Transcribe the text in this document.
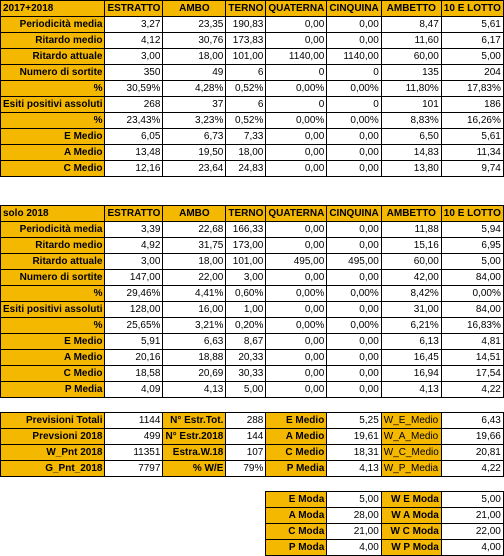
2017+2018	ESTRATTO	AMBO	TERNO	QUATERNA	CINQUINA	AMBETTO	10 E LOTTO
Periodicità media	3,27	23,35	190,83	0,00	0,00	8,47	5,61
Ritardo medio	4,12	30,76	173,83	0,00	0,00	11,60	6,17
Ritardo attuale	3,00	18,00	101,00	1140,00	1140,00	60,00	5,00
Numero di sortite	350	49	6	0	0	135	204
%	30,59%	4,28%	0,52%	0,00%	0,00%	11,80%	17,83%
Esiti positivi assoluti	268	37	6	0	0	101	186
%	23,43%	3,23%	0,52%	0,00%	0,00%	8,83%	16,26%
E Medio	6,05	6,73	7,33	0,00	0,00	6,50	5,61
A Medio	13,48	19,50	18,00	0,00	0,00	14,83	11,34
C Medio	12,16	23,64	24,83	0,00	0,00	13,80	9,74

solo 2018	ESTRATTO	AMBO	TERNO	QUATERNA	CINQUINA	AMBETTO	10 E LOTTO
Periodicità media	3,39	22,68	166,33	0,00	0,00	11,88	5,94
Ritardo medio	4,92	31,75	173,00	0,00	0,00	15,16	6,95
Ritardo attuale	3,00	18,00	101,00	495,00	495,00	60,00	5,00
Numero di sortite	147,00	22,00	3,00	0,00	0,00	42,00	84,00
%	29,46%	4,41%	0,60%	0,00%	0,00%	8,42%	0,00%
Esiti positivi assoluti	128,00	16,00	1,00	0,00	0,00	31,00	84,00
%	25,65%	3,21%	0,20%	0,00%	0,00%	6,21%	16,83%
E Medio	5,91	6,63	8,67	0,00	0,00	6,13	4,81
A Medio	20,16	18,88	20,33	0,00	0,00	16,45	14,51
C Medio	18,58	20,69	30,33	0,00	0,00	16,94	17,54
P Media	4,09	4,13	5,00	0,00	0,00	4,13	4,22

Previsioni Totali	1144	N° Estr.Tot.	288	E Medio	5,25	W_E_Medio	6,43
Prevsioni 2018	499	N° Estr.2018	144	A Medio	19,61	W_A_Medio	19,66
W_Pnt 2018	11351	Estra.W.18	107	C Medio	18,31	W_C_Medio	20,81
G_Pnt_2018	7797	% W/E	79%	P Media	4,13	W_P_Media	4,22

				E Moda	5,00	W E Moda	5,00
				A Moda	28,00	W A Moda	21,00
				C Moda	21,00	W C Moda	22,00
				P Moda	4,00	W P Moda	4,00
